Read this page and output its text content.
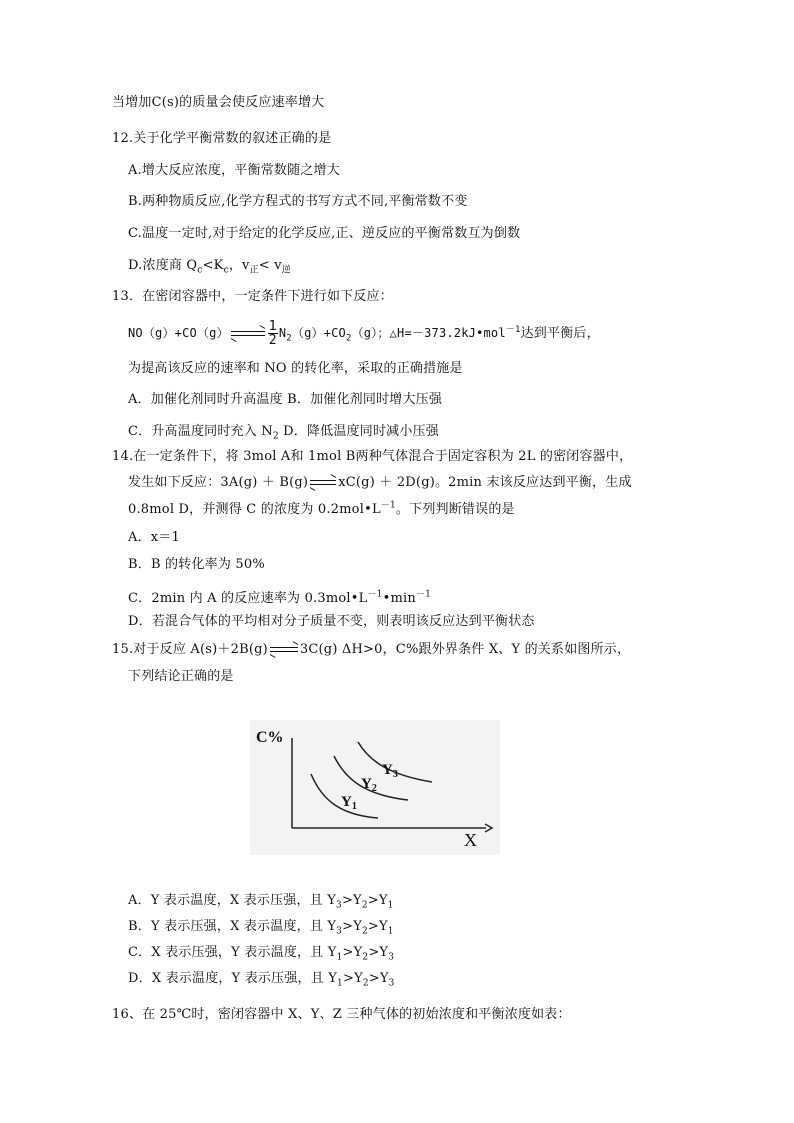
当增加C(s)的质量会使反应速率增大
12.关于化学平衡常数的叙述正确的是
A.增大反应浓度，平衡常数随之增大
B.两种物质反应,化学方程式的书写方式不同,平衡常数不变
C.温度一定时,对于给定的化学反应,正、逆反应的平衡常数互为倒数
D.浓度商 $Q_c<K_c$，$v_正< v_逆$
13．在密闭容器中，一定条件下进行如下反应：
NO（g）+CO（g）	$\frac{1}{2} N_2(g)+CO_2(g)$；△H=－373.2kJ•mol$^{-1}$达到平衡后，
为提高该反应的速率和 NO 的转化率，采取的正确措施是
A．加催化剂同时升高温度 B．加催化剂同时增大压强
C．升高温度同时充入 $N_2$ D．降低温度同时减小压强
14.在一定条件下，将 3mol A和 1mol B两种气体混合于固定容积为 2L 的密闭容器中，
发生如下反应：3A(g) ＋ B(g) xC(g) ＋ 2D(g)。2min 末该反应达到平衡，生成
0.8mol D，并测得 C 的浓度为 $0.2mol•L^{-1}$。下列判断错误的是
A．x＝1
B．B 的转化率为 50%
C．2min 内 A 的反应速率为 $0.3mol•L^{-1}•\min^{-1}$
D．若混合气体的平均相对分子质量不变，则表明该反应达到平衡状态
15.对于反应 A(s)＋2B(g) 3C(g) ΔH>0，C%跟外界条件 X、Y 的关系如图所示，
下列结论正确的是
C%
X
$Y_1$
$Y_2$
$Y_3$
A．Y 表示温度，X 表示压强，且 $Y_3>Y_2>Y_1$
B．Y 表示压强，X 表示温度，且 $Y_3>Y_2>Y_1$
C．X 表示压强，Y 表示温度，且 $Y_1>Y_2>Y_3$
D．X 表示温度，Y 表示压强，且 $Y_1>Y_2>Y_3$
16、在 25℃时，密闭容器中 X、Y、Z 三种气体的初始浓度和平衡浓度如表：
